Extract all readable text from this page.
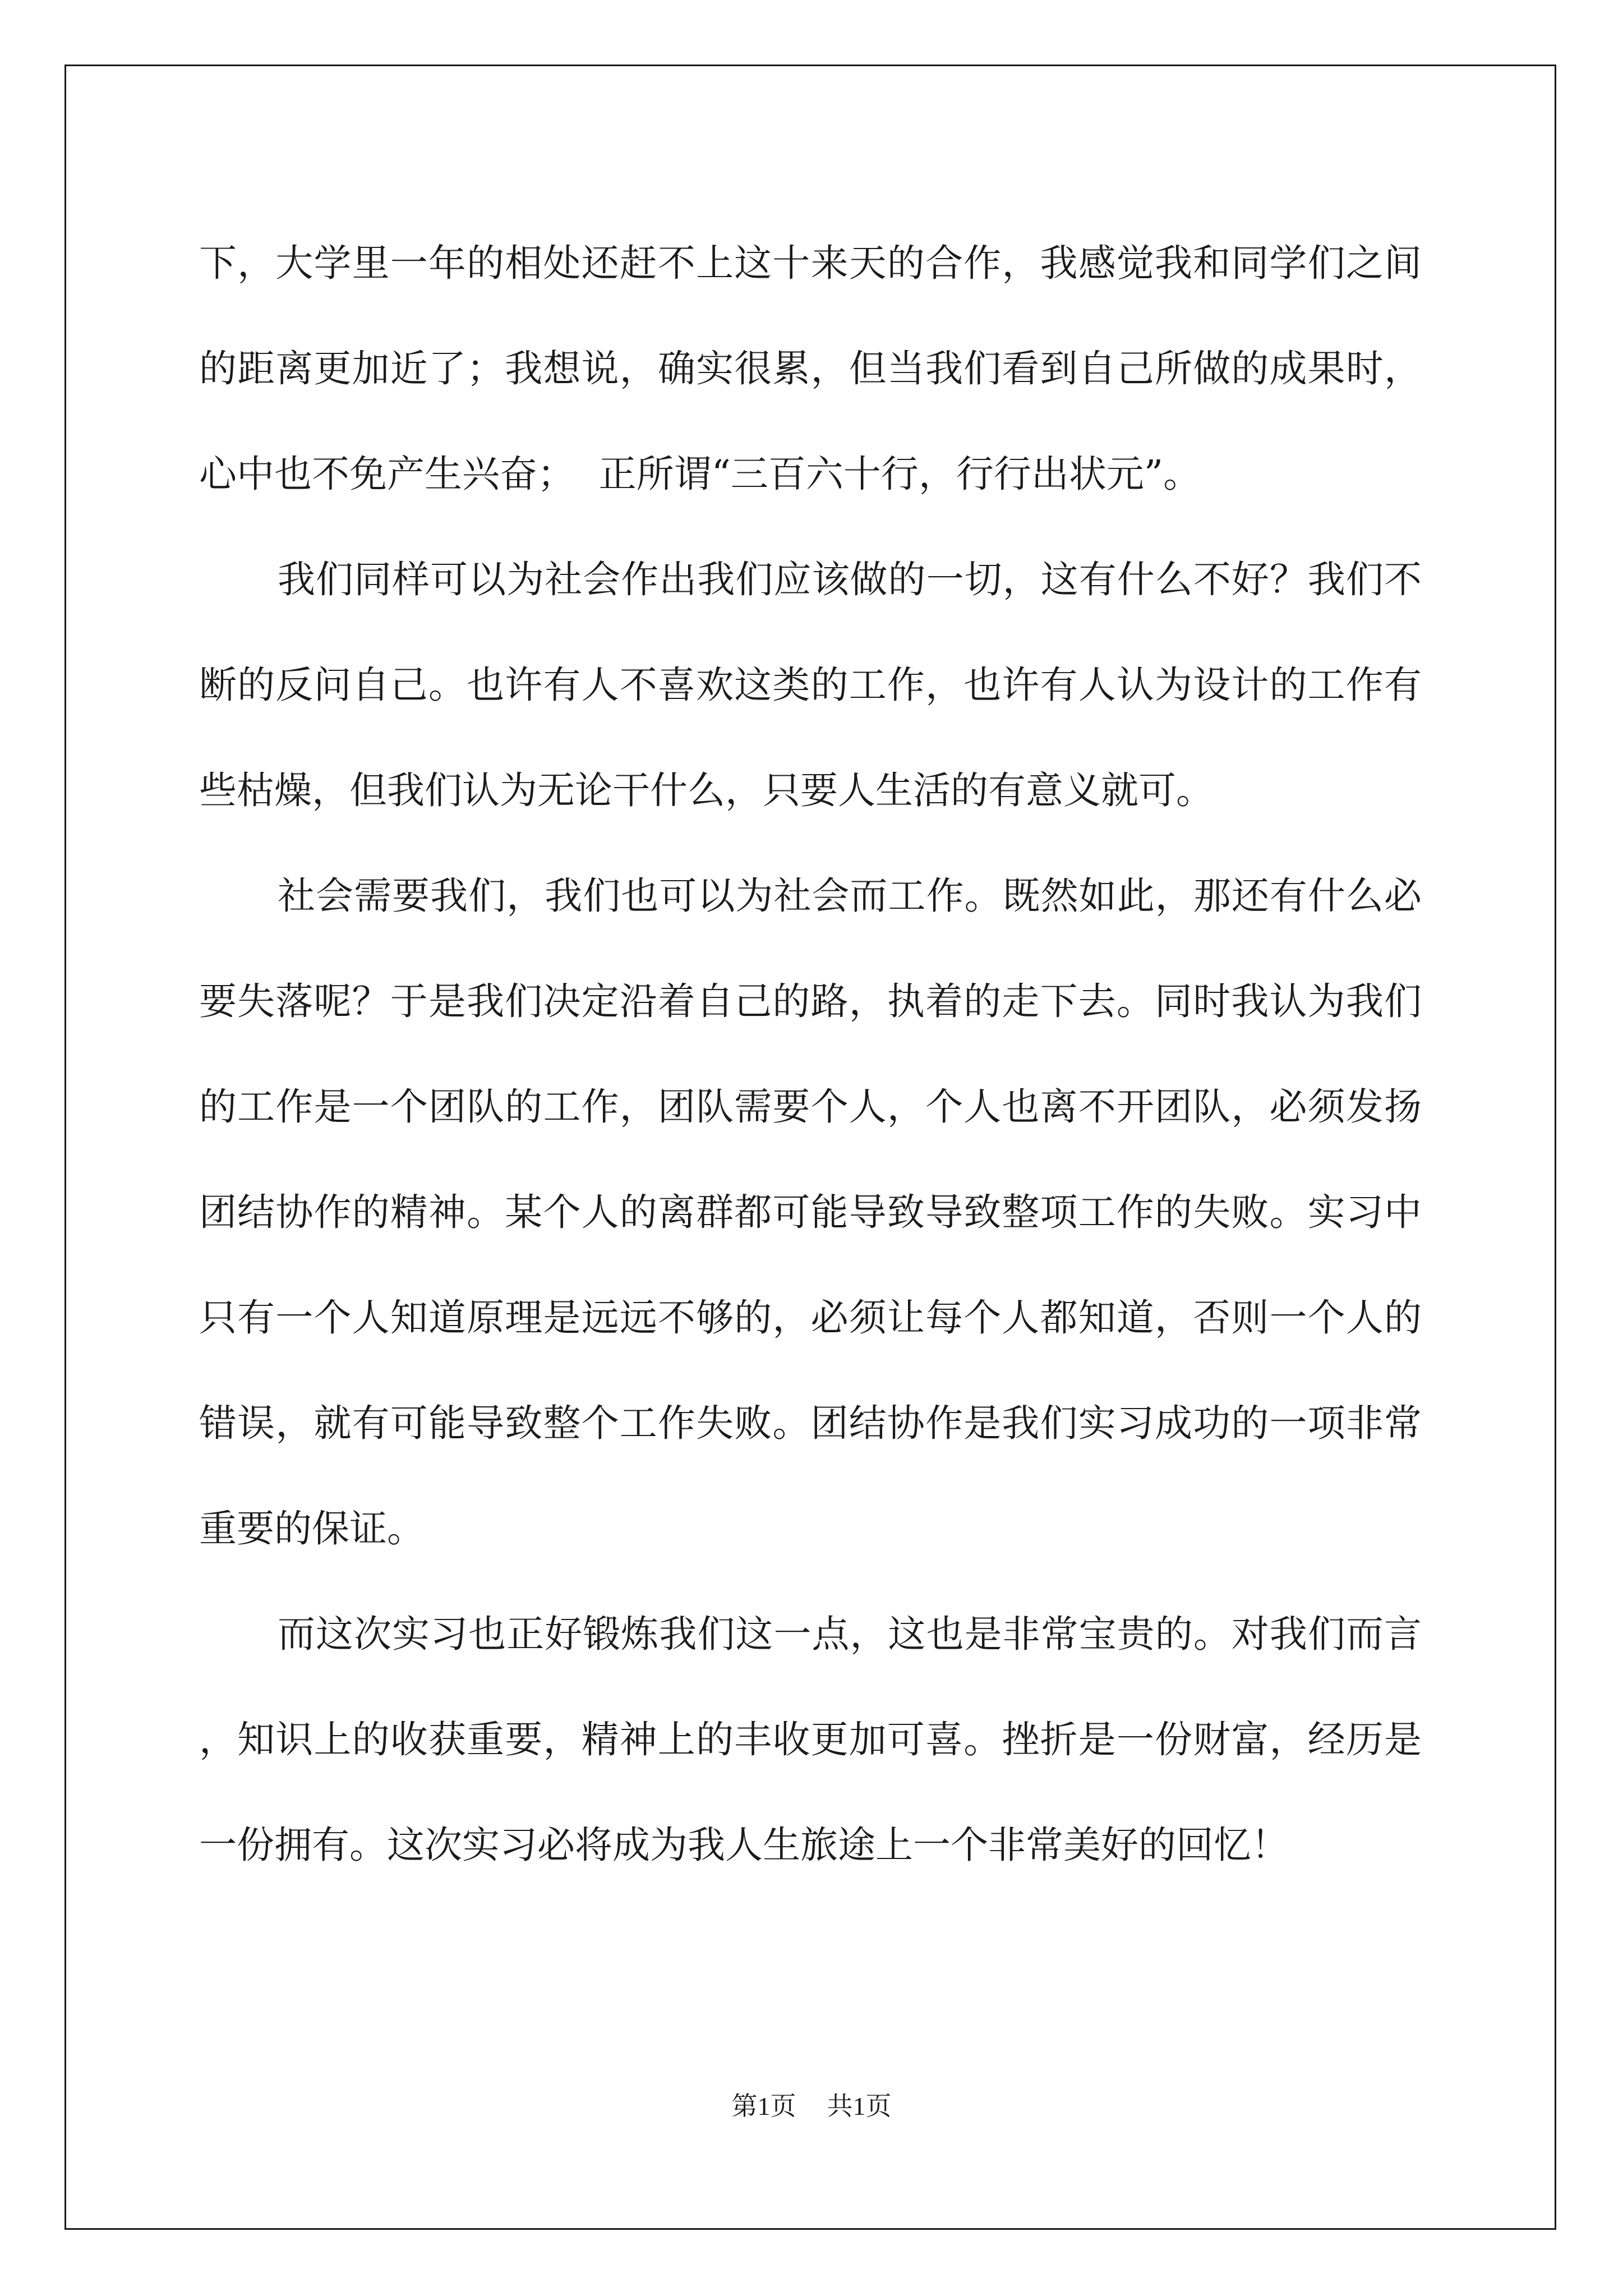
下，大学里一年的相处还赶不上这十来天的合作，我感觉我和同学们之间的距离更加近了；我想说，确实很累，但当我们看到自己所做的成果时，心中也不免产生兴奋；  正所谓“三百六十行，行行出状元”。

我们同样可以为社会作出我们应该做的一切，这有什么不好？我们不断的反问自己。也许有人不喜欢这类的工作，也许有人认为设计的工作有些枯燥，但我们认为无论干什么，只要人生活的有意义就可。

社会需要我们，我们也可以为社会而工作。既然如此，那还有什么必要失落呢？于是我们决定沿着自己的路，执着的走下去。同时我认为我们的工作是一个团队的工作，团队需要个人，个人也离不开团队，必须发扬团结协作的精神。某个人的离群都可能导致导致整项工作的失败。实习中只有一个人知道原理是远远不够的，必须让每个人都知道，否则一个人的错误，就有可能导致整个工作失败。团结协作是我们实习成功的一项非常重要的保证。

而这次实习也正好锻炼我们这一点，这也是非常宝贵的。对我们而言，知识上的收获重要，精神上的丰收更加可喜。挫折是一份财富，经历是一份拥有。这次实习必将成为我人生旅途上一个非常美好的回忆！

第1页 共1页
